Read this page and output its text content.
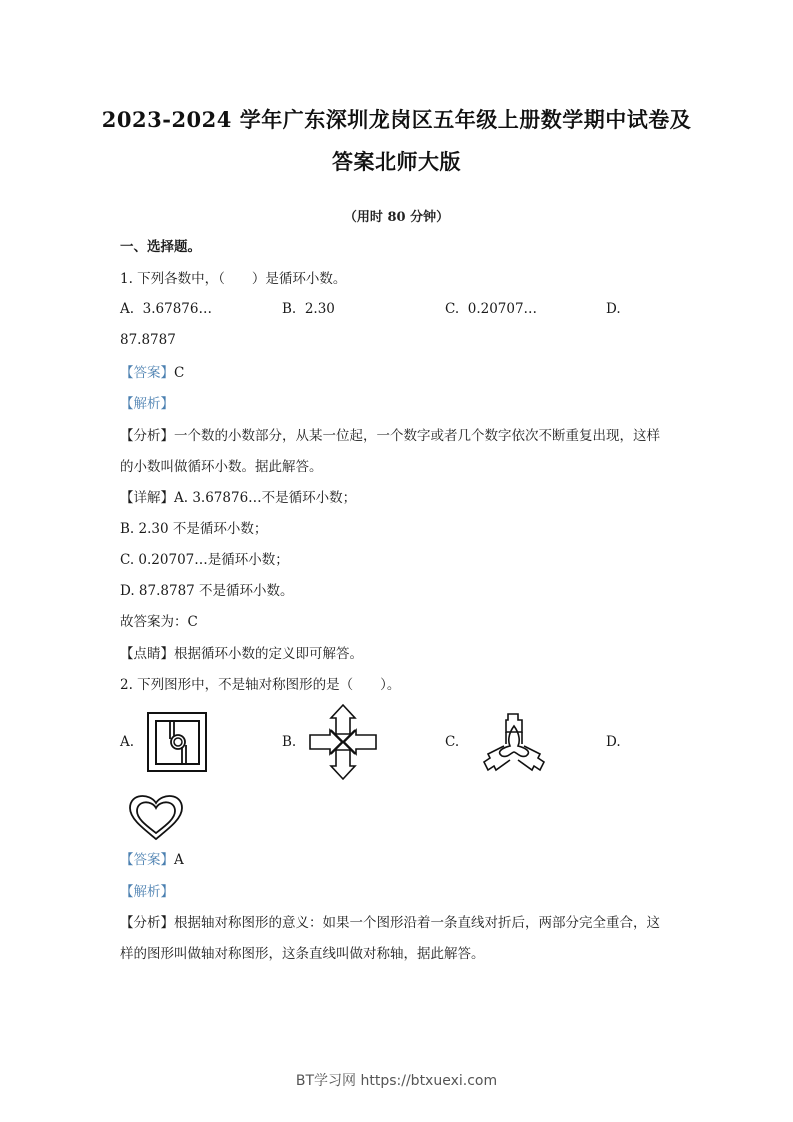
2023-2024 学年广东深圳龙岗区五年级上册数学期中试卷及
答案北师大版
（用时 80 分钟）
一、选择题。
1. 下列各数中，（　　）是循环小数。
A. 3.67876…	B. 2.30	C. 0.20707…	D.
87.8787
【答案】C
【解析】
【分析】一个数的小数部分，从某一位起，一个数字或者几个数字依次不断重复出现，这样
的小数叫做循环小数。据此解答。
【详解】A. 3.67876…不是循环小数；
B. 2.30 不是循环小数；
C. 0.20707…是循环小数；
D. 87.8787 不是循环小数。
故答案为：C
【点睛】根据循环小数的定义即可解答。
2. 下列图形中，不是轴对称图形的是（　　）。
A.	B.	C.	D.
【答案】A
【解析】
【分析】根据轴对称图形的意义：如果一个图形沿着一条直线对折后，两部分完全重合，这
样的图形叫做轴对称图形，这条直线叫做对称轴，据此解答。
BT学习网 https://btxuexi.com
